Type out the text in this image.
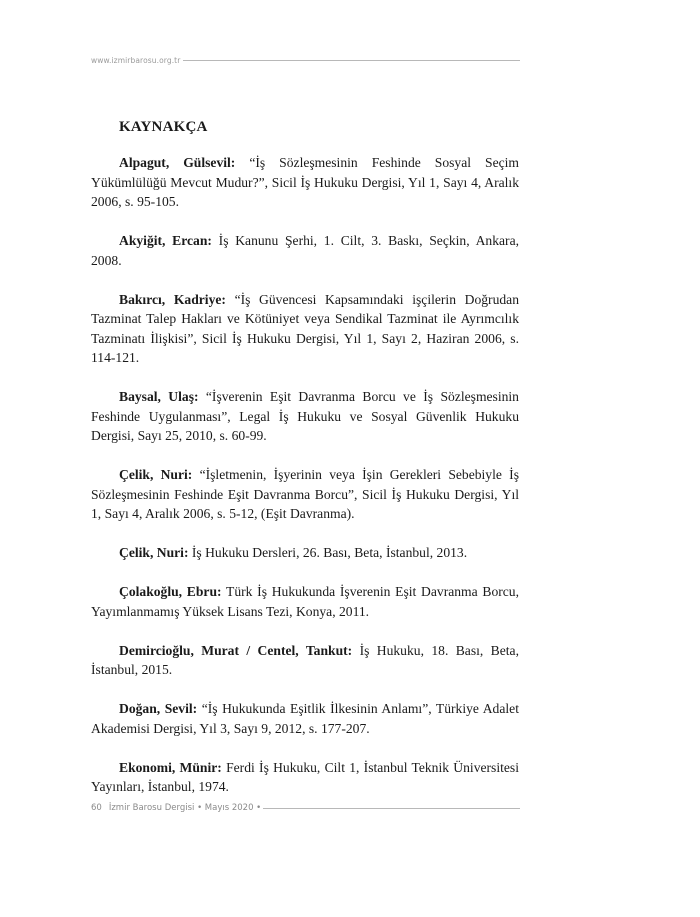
www.izmirbarosu.org.tr
KAYNAKÇA

Alpagut, Gülsevil: “İş Sözleşmesinin Feshinde Sosyal Seçim Yükümlülüğü Mevcut Mudur?”, Sicil İş Hukuku Dergisi, Yıl 1, Sayı 4, Aralık 2006, s. 95-105.

Akyiğit, Ercan: İş Kanunu Şerhi, 1. Cilt, 3. Baskı, Seçkin, Ankara, 2008.

Bakırcı, Kadriye: “İş Güvencesi Kapsamındaki işçilerin Doğrudan Tazminat Talep Hakları ve Kötüniyet veya Sendikal Tazminat ile Ayrımcılık Tazminatı İlişkisi”, Sicil İş Hukuku Dergisi, Yıl 1, Sayı 2, Haziran 2006, s. 114-121.

Baysal, Ulaş: “İşverenin Eşit Davranma Borcu ve İş Sözleşmesinin Feshinde Uygulanması”, Legal İş Hukuku ve Sosyal Güvenlik Hukuku Dergisi, Sayı 25, 2010, s. 60-99.

Çelik, Nuri: “İşletmenin, İşyerinin veya İşin Gerekleri Sebebiyle İş Sözleşmesinin Feshinde Eşit Davranma Borcu”, Sicil İş Hukuku Dergisi, Yıl 1, Sayı 4, Aralık 2006, s. 5-12, (Eşit Davranma).

Çelik, Nuri: İş Hukuku Dersleri, 26. Bası, Beta, İstanbul, 2013.

Çolakoğlu, Ebru: Türk İş Hukukunda İşverenin Eşit Davranma Borcu, Yayımlanmamış Yüksek Lisans Tezi, Konya, 2011.

Demircioğlu, Murat / Centel, Tankut: İş Hukuku, 18. Bası, Beta, İstanbul, 2015.

Doğan, Sevil: “İş Hukukunda Eşitlik İlkesinin Anlamı”, Türkiye Adalet Akademisi Dergisi, Yıl 3, Sayı 9, 2012, s. 177-207.

Ekonomi, Münir: Ferdi İş Hukuku, Cilt 1, İstanbul Teknik Üniversitesi Yayınları, İstanbul, 1974.

60 İzmir Barosu Dergisi • Mayıs 2020 •
